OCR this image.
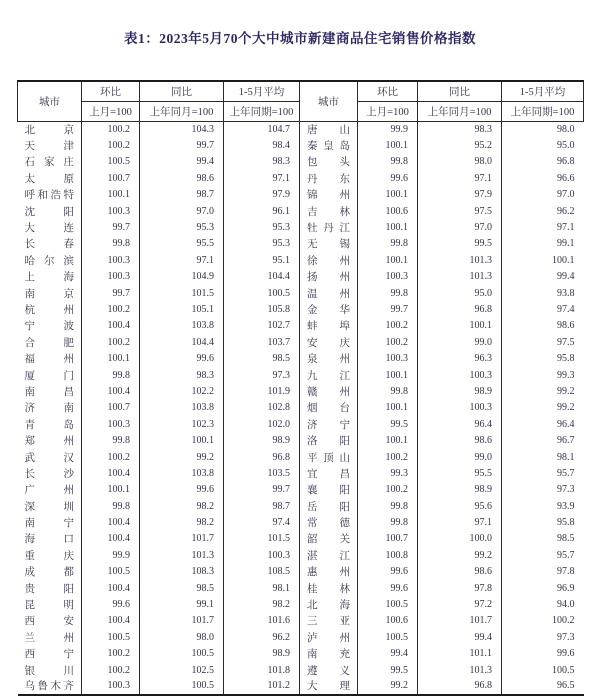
表1：2023年5月70个大中城市新建商品住宅销售价格指数
城市	环比	同比	1-5月平均	城市	环比	同比	1-5月平均
	上月=100	上年同月=100	上年同期=100		上月=100	上年同月=100	上年同期=100

北 京	100.2	104.3	104.7	唐 山	99.9	98.3	98.0

天 津	100.2	99.7	98.4	秦 皇 岛	100.1	95.2	95.0

石 家 庄	100.5	99.4	98.3	包 头	99.8	98.0	96.8

太 原	100.7	98.6	97.1	丹 东	99.6	97.1	96.6

呼 和 浩 特	100.1	98.7	97.9	锦 州	100.1	97.9	97.0

沈 阳	100.3	97.0	96.1	吉 林	100.6	97.5	96.2

大 连	99.7	95.3	95.3	牡 丹 江	100.1	97.0	97.1

长 春	99.8	95.5	95.3	无 锡	99.8	99.5	99.1

哈 尔 滨	100.3	97.1	95.1	徐 州	100.1	101.3	100.1

上 海	100.3	104.9	104.4	扬 州	100.3	101.3	99.4

南 京	99.7	101.5	100.5	温 州	99.8	95.0	93.8

杭 州	100.2	105.1	105.8	金 华	99.7	96.8	97.4

宁 波	100.4	103.8	102.7	蚌 埠	100.2	100.1	98.6

合 肥	100.2	104.4	103.7	安 庆	100.2	99.0	97.5

福 州	100.1	99.6	98.5	泉 州	100.3	96.3	95.8

厦 门	99.8	98.3	97.3	九 江	100.1	100.3	99.3

南 昌	100.4	102.2	101.9	赣 州	99.8	98.9	99.2

济 南	100.7	103.8	102.8	烟 台	100.1	100.3	99.2

青 岛	100.3	102.3	102.0	济 宁	99.5	96.4	96.4

郑 州	99.8	100.1	98.9	洛 阳	100.1	98.6	96.7

武 汉	100.2	99.2	96.8	平 顶 山	100.2	99.0	98.1

长 沙	100.4	103.8	103.5	宜 昌	99.3	95.5	95.7

广 州	100.1	99.6	99.7	襄 阳	100.2	98.9	97.3

深 圳	99.8	98.2	98.7	岳 阳	99.8	95.6	93.9

南 宁	100.4	98.2	97.4	常 德	99.8	97.1	95.8

海 口	100.4	101.7	101.5	韶 关	100.7	100.0	98.5

重 庆	99.9	101.3	100.3	湛 江	100.8	99.2	95.7

成 都	100.5	108.3	108.5	惠 州	99.6	98.6	97.8

贵 阳	100.4	98.5	98.1	桂 林	99.6	97.8	96.9

昆 明	99.6	99.1	98.2	北 海	100.5	97.2	94.0

西 安	100.4	101.7	101.6	三 亚	100.6	101.7	100.2

兰 州	100.5	98.0	96.2	泸 州	100.5	99.4	97.3

西 宁	100.2	100.5	98.9	南 充	99.4	101.1	99.6

银 川	100.2	102.5	101.8	遵 义	99.5	101.3	100.5

乌 鲁 木 齐	100.3	100.5	101.2	大 理	99.2	96.8	96.5
